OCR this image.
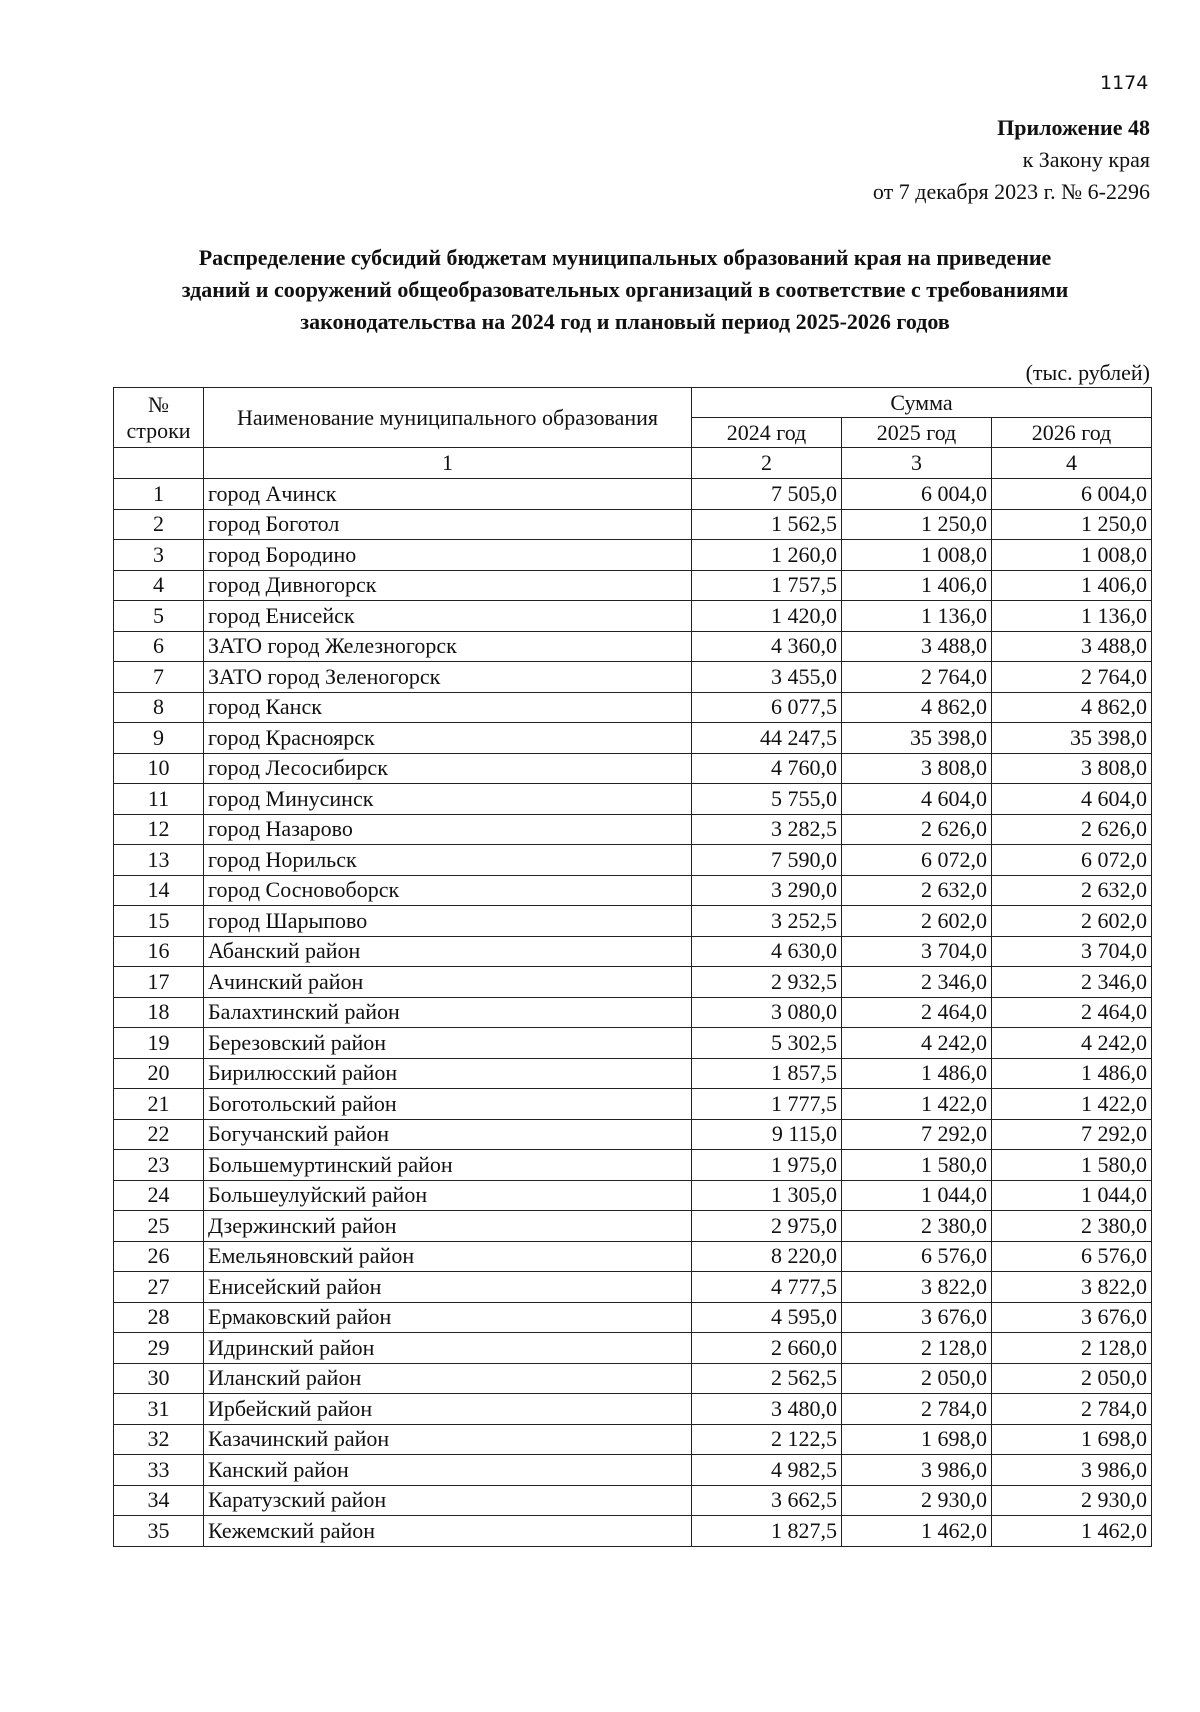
1174
Приложение 48
к Закону края
от 7 декабря 2023 г. № 6-2296
Распределение субсидий бюджетам муниципальных образований края на приведение
зданий и сооружений общеобразовательных организаций в соответствие с требованиями
законодательства на 2024 год и плановый период 2025-2026 годов
(тыс. рублей)
№
строки	Наименование муниципального образования	Сумма		
		2024 год	2025 год	2026 год
	1	2	3	4
1	город Ачинск	7 505,0	6 004,0	6 004,0
2	город Боготол	1 562,5	1 250,0	1 250,0
3	город Бородино	1 260,0	1 008,0	1 008,0
4	город Дивногорск	1 757,5	1 406,0	1 406,0
5	город Енисейск	1 420,0	1 136,0	1 136,0
6	ЗАТО город Железногорск	4 360,0	3 488,0	3 488,0
7	ЗАТО город Зеленогорск	3 455,0	2 764,0	2 764,0
8	город Канск	6 077,5	4 862,0	4 862,0
9	город Красноярск	44 247,5	35 398,0	35 398,0
10	город Лесосибирск	4 760,0	3 808,0	3 808,0
11	город Минусинск	5 755,0	4 604,0	4 604,0
12	город Назарово	3 282,5	2 626,0	2 626,0
13	город Норильск	7 590,0	6 072,0	6 072,0
14	город Сосновоборск	3 290,0	2 632,0	2 632,0
15	город Шарыпово	3 252,5	2 602,0	2 602,0
16	Абанский район	4 630,0	3 704,0	3 704,0
17	Ачинский район	2 932,5	2 346,0	2 346,0
18	Балахтинский район	3 080,0	2 464,0	2 464,0
19	Березовский район	5 302,5	4 242,0	4 242,0
20	Бирилюсский район	1 857,5	1 486,0	1 486,0
21	Боготольский район	1 777,5	1 422,0	1 422,0
22	Богучанский район	9 115,0	7 292,0	7 292,0
23	Большемуртинский район	1 975,0	1 580,0	1 580,0
24	Большеулуйский район	1 305,0	1 044,0	1 044,0
25	Дзержинский район	2 975,0	2 380,0	2 380,0
26	Емельяновский район	8 220,0	6 576,0	6 576,0
27	Енисейский район	4 777,5	3 822,0	3 822,0
28	Ермаковский район	4 595,0	3 676,0	3 676,0
29	Идринский район	2 660,0	2 128,0	2 128,0
30	Иланский район	2 562,5	2 050,0	2 050,0
31	Ирбейский район	3 480,0	2 784,0	2 784,0
32	Казачинский район	2 122,5	1 698,0	1 698,0
33	Канский район	4 982,5	3 986,0	3 986,0
34	Каратузский район	3 662,5	2 930,0	2 930,0
35	Кежемский район	1 827,5	1 462,0	1 462,0
